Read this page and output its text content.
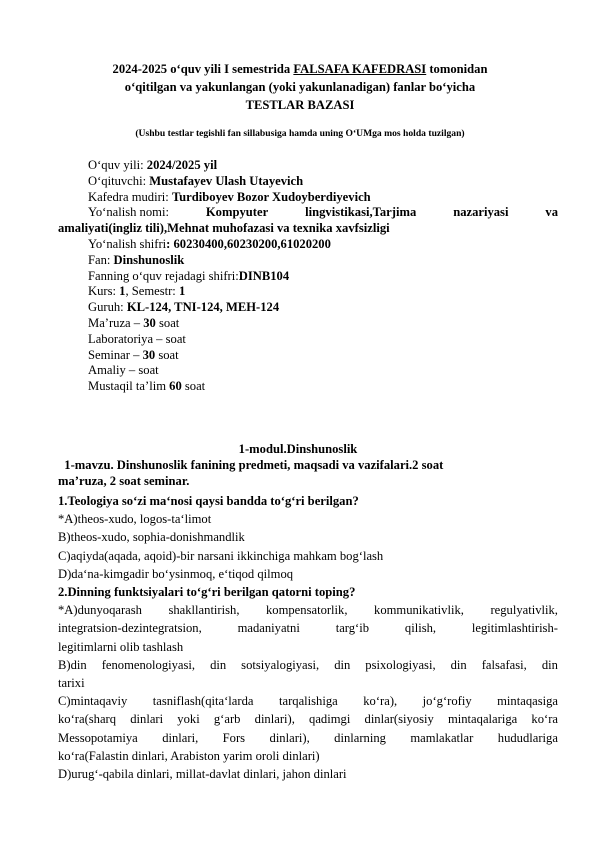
2024-2025 o‘quv yili I semestrida FALSAFA KAFEDRASI tomonidan
o‘qitilgan va yakunlangan (yoki yakunlanadigan) fanlar bo‘yicha
TESTLAR BAZASI
(Ushbu testlar tegishli fan sillabusiga hamda uning O‘UMga mos holda tuzilgan)
O‘quv yili: 2024/2025 yil
O‘qituvchi: Mustafayev Ulash Utayevich
Kafedra mudiri: Turdiboyev Bozor Xudoyberdiyevich
Yo‘nalish nomi:	Kompyuter	lingvistikasi,Tarjima	nazariyasi	va
amaliyati(ingliz tili),Mehnat muhofazasi va texnika xavfsizligi
Yo‘nalish shifri: 60230400,60230200,61020200
Fan: Dinshunoslik
Fanning o‘quv rejadagi shifri:DINB104
Kurs: 1, Semestr: 1
Guruh: KL-124, TNI-124, MEH-124
Ma’ruza – 30 soat
Laboratoriya – soat
Seminar – 30 soat
Amaliy – soat
Mustaqil ta’lim 60 soat
1-modul.Dinshunoslik
1-mavzu. Dinshunoslik fanining predmeti, maqsadi va vazifalari.2 soat
ma’ruza, 2 soat seminar.
1.Teologiya so‘zi ma‘nosi qaysi bandda to‘g‘ri berilgan?
*A)theos-xudo, logos-ta‘limot
B)theos-xudo, sophia-donishmandlik
C)aqiyda(aqada, aqoid)-bir narsani ikkinchiga mahkam bog‘lash
D)da‘na-kimgadir bo‘ysinmoq, e‘tiqod qilmoq
2.Dinning funktsiyalari to‘g‘ri berilgan qatorni toping?
*A)dunyoqarash shakllantirish, kompensatorlik, kommunikativlik, regulyativlik,
integratsion-dezintegratsion,	madaniyatni	targ‘ib	qilish,	legitimlashtirish-
legitimlarni olib tashlash
B)din fenomenologiyasi, din sotsiyalogiyasi, din psixologiyasi, din falsafasi, din
tarixi
C)mintaqaviy tasniflash(qita‘larda tarqalishiga ko‘ra), jo‘g‘rofiy mintaqasiga
ko‘ra(sharq dinlari yoki g‘arb dinlari), qadimgi dinlar(siyosiy mintaqalariga ko‘ra
Messopotamiya dinlari, Fors dinlari), dinlarning mamlakatlar hududlariga
ko‘ra(Falastin dinlari, Arabiston yarim oroli dinlari)
D)urug‘-qabila dinlari, millat-davlat dinlari, jahon dinlari
